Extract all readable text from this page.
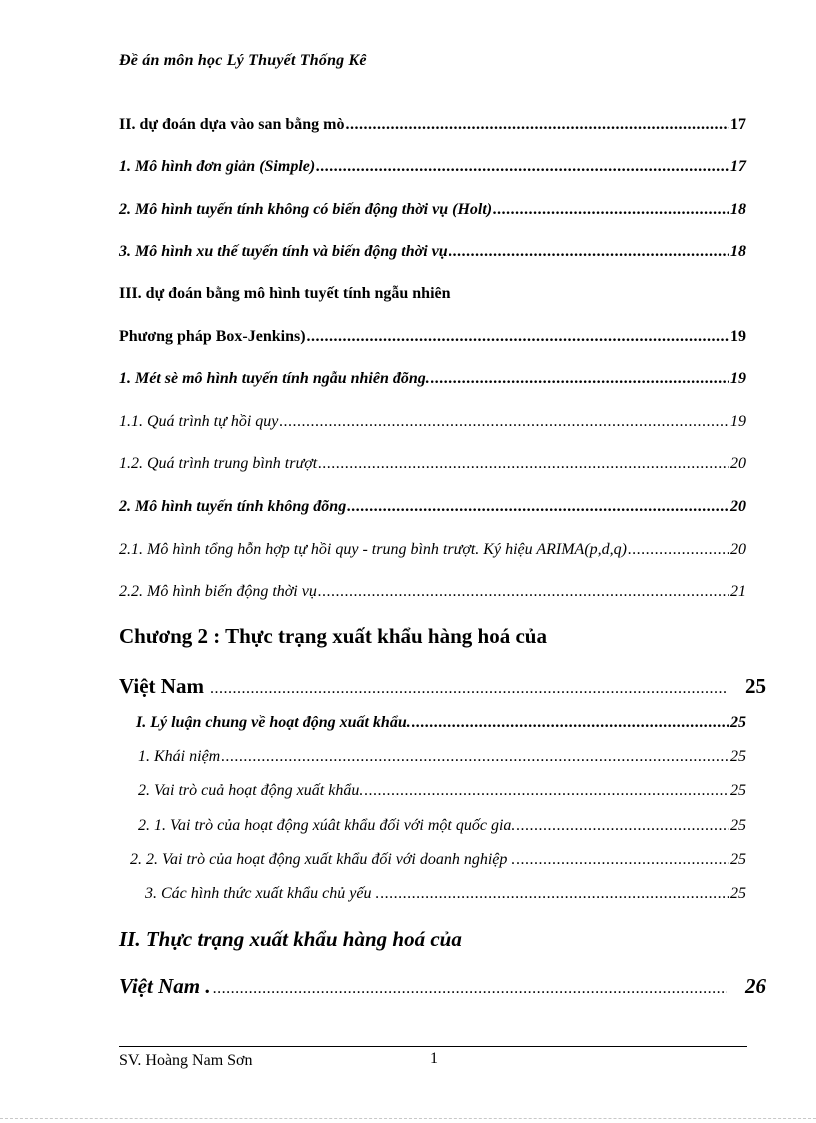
Đề án môn học Lý Thuyết Thống Kê
II. dự đoán dựa vào san bằng mò .....	17
1. Mô hình đơn giản (Simple) .....	17
2. Mô hình tuyến tính không có biến động thời vụ (Holt) .....	18
3. Mô hình xu thế tuyến tính và biến động thời vụ .....	18
III. dự đoán bằng mô hình tuyết tính ngẫu nhiên
Phương pháp Box-Jenkins) .....	19
1. Mét sè mô hình tuyến tính ngẫu nhiên đõng. .....	19
1.1. Quá trình tự hồi quy .....	19
1.2. Quá trình trung bình trượt .....	20
2. Mô hình tuyến tính không đõng .....	20
2.1. Mô hình tổng hỗn hợp tự hồi quy - trung bình trượt. Ký hiệu ARIMA(p,d,q) .....	20
2.2. Mô hình biến động thời vụ .....	21
Chương 2 : Thực trạng xuất khẩu hàng hoá của
Việt Nam .....	25
I. Lý luận chung về hoạt động xuất khẩu. .....	25
1. Khái niệm .....	25
2. Vai trò cuả hoạt động xuất khẩu. .....	25
2. 1. Vai trò của hoạt động xúât khẩu đối với một quốc gia. .....	25
2. 2. Vai trò của hoạt động xuất khẩu đối với doanh nghiệp . .....	25
3. Các hình thức xuất khẩu chủ yếu . .....	25
II. Thực trạng xuất khẩu hàng hoá của
Việt Nam . .....	26
SV. Hoàng Nam Sơn	1
